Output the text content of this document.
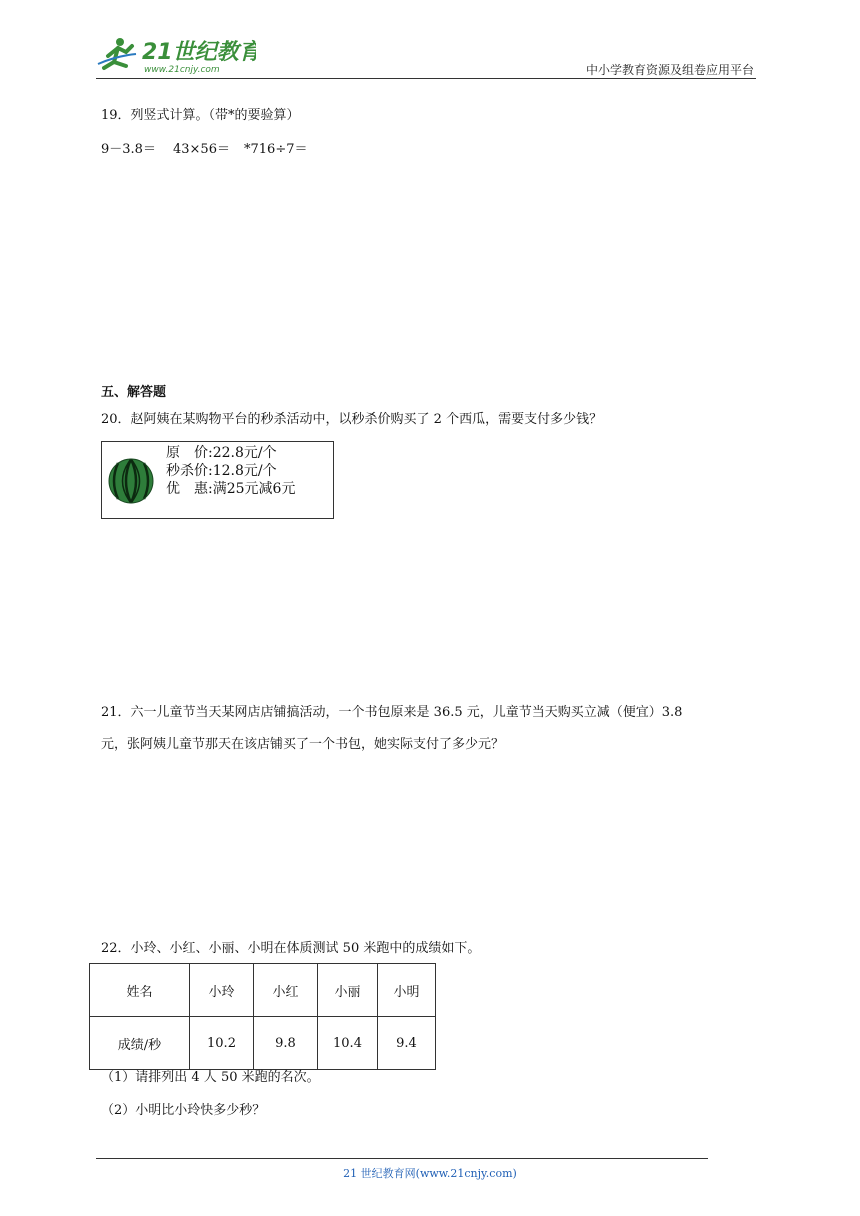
21世纪教育
www.21cnjy.com	中小学教育资源及组卷应用平台
19．列竖式计算。（带*的要验算）
9－3.8＝ 43×56＝ *716÷7＝
五、解答题
20．赵阿姨在某购物平台的秒杀活动中，以秒杀价购买了 2 个西瓜，需要支付多少钱？
原　价:22.8元/个
秒杀价:12.8元/个
优　惠:满25元减6元
21．六一儿童节当天某网店店铺搞活动，一个书包原来是 36.5 元，儿童节当天购买立减（便宜）3.8
元，张阿姨儿童节那天在该店铺买了一个书包，她实际支付了多少元？
22．小玲、小红、小丽、小明在体质测试 50 米跑中的成绩如下。
姓名	小玲	小红	小丽	小明
成绩/秒	10.2	9.8	10.4	9.4
（1）请排列出 4 人 50 米跑的名次。
（2）小明比小玲快多少秒？
21 世纪教育网(www.21cnjy.com)
